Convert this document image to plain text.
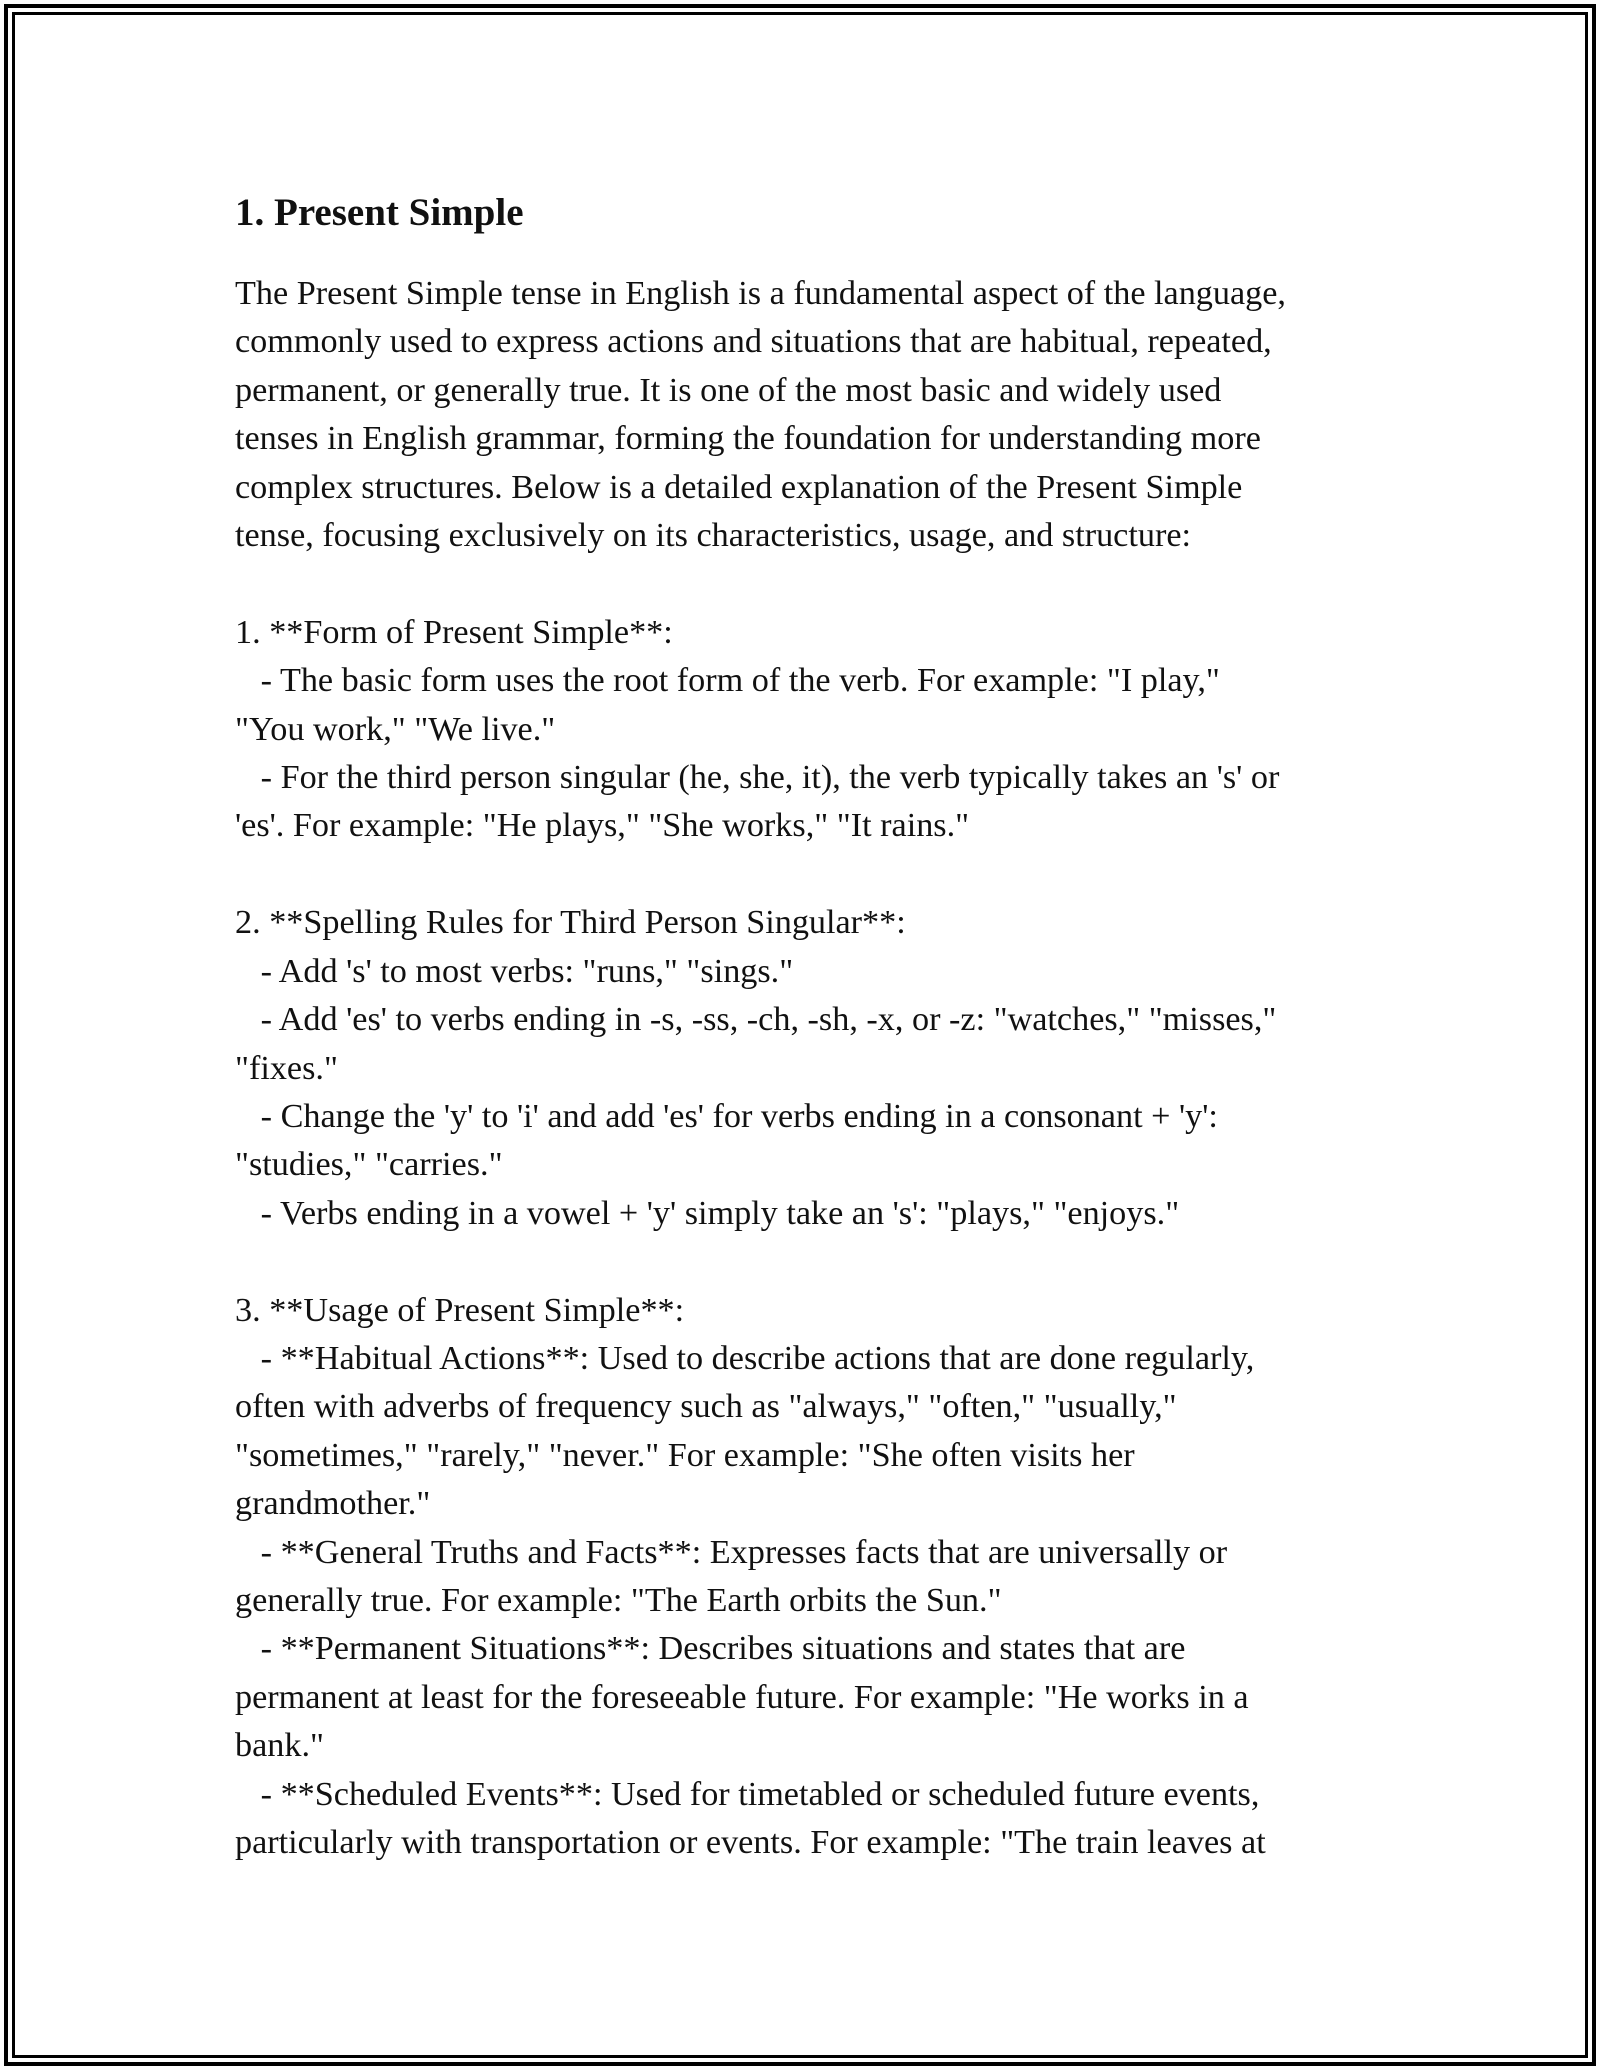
1. Present Simple

The Present Simple tense in English is a fundamental aspect of the language,
commonly used to express actions and situations that are habitual, repeated,
permanent, or generally true. It is one of the most basic and widely used
tenses in English grammar, forming the foundation for understanding more
complex structures. Below is a detailed explanation of the Present Simple
tense, focusing exclusively on its characteristics, usage, and structure:

1. **Form of Present Simple**:
- The basic form uses the root form of the verb. For example: "I play,"
"You work," "We live."
- For the third person singular (he, she, it), the verb typically takes an 's' or
'es'. For example: "He plays," "She works," "It rains."

2. **Spelling Rules for Third Person Singular**:
- Add 's' to most verbs: "runs," "sings."
- Add 'es' to verbs ending in -s, -ss, -ch, -sh, -x, or -z: "watches," "misses,"
"fixes."
- Change the 'y' to 'i' and add 'es' for verbs ending in a consonant + 'y':
"studies," "carries."
- Verbs ending in a vowel + 'y' simply take an 's': "plays," "enjoys."

3. **Usage of Present Simple**:
- **Habitual Actions**: Used to describe actions that are done regularly,
often with adverbs of frequency such as "always," "often," "usually,"
"sometimes," "rarely," "never." For example: "She often visits her
grandmother."
- **General Truths and Facts**: Expresses facts that are universally or
generally true. For example: "The Earth orbits the Sun."
- **Permanent Situations**: Describes situations and states that are
permanent at least for the foreseeable future. For example: "He works in a
bank."
- **Scheduled Events**: Used for timetabled or scheduled future events,
particularly with transportation or events. For example: "The train leaves at
